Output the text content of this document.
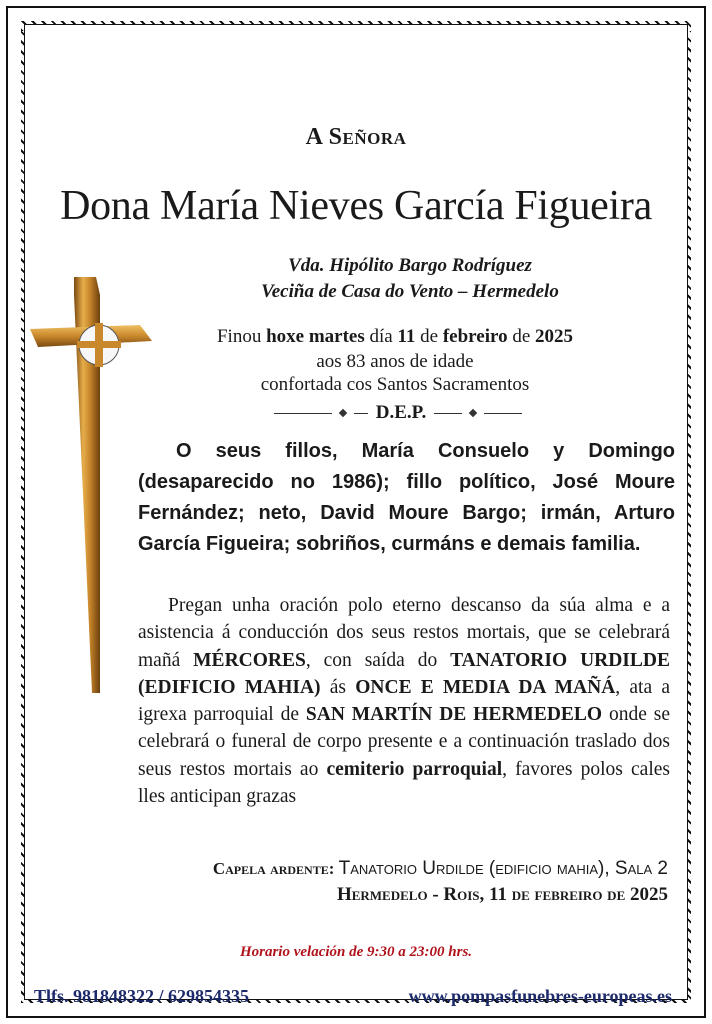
A Señora
Dona María Nieves García Figueira
Vda. Hipólito Bargo Rodríguez
Veciña de Casa do Vento – Hermedelo
Finou hoxe martes día 11 de febreiro de 2025
aos 83 anos de idade
confortada cos Santos Sacramentos
D.E.P.
O seus fillos, María Consuelo y Domingo (desaparecido no 1986); fillo político, José Moure Fernández; neto, David Moure Bargo; irmán, Arturo García Figueira; sobriños, curmáns e demais familia.
Pregan unha oración polo eterno descanso da súa alma e a asistencia á conducción dos seus restos mortais, que se celebrará mañá MÉRCORES, con saída do TANATORIO URDILDE (EDIFICIO MAHIA) ás ONCE E MEDIA DA MAÑÁ, ata a igrexa parroquial de SAN MARTÍN DE HERMEDELO onde se celebrará o funeral de corpo presente e a continuación traslado dos seus restos mortais ao cemiterio parroquial, favores polos cales lles anticipan grazas
Capela ardente: Tanatorio Urdilde (edificio mahia), Sala 2
Hermedelo - Rois, 11 de febreiro de 2025
Horario velación de 9:30 a 23:00 hrs.
Tlfs. 981848322 / 629854335	www.pompasfunebres-europeas.es
